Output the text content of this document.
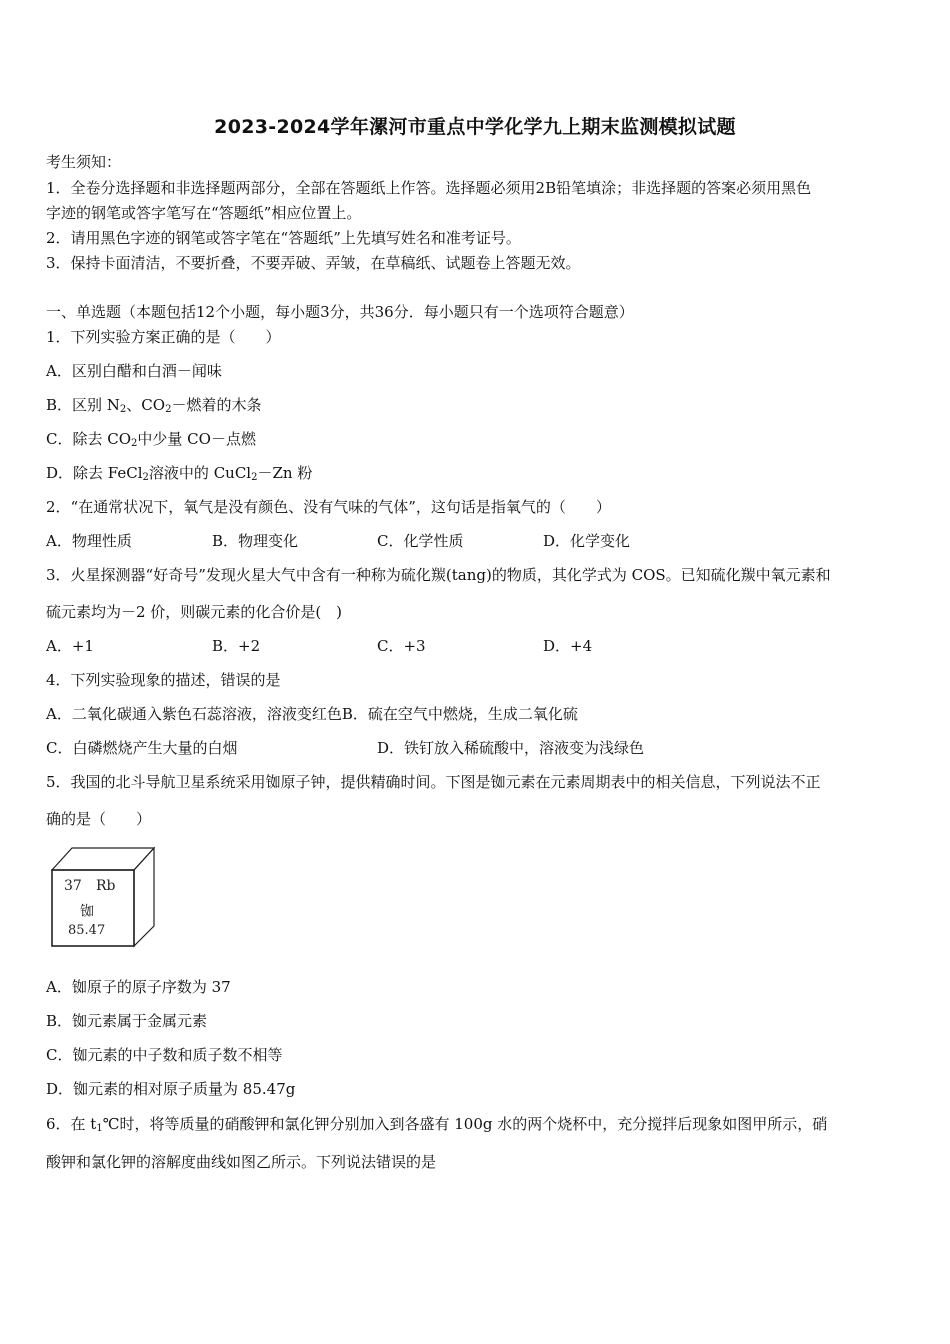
2023-2024学年漯河市重点中学化学九上期末监测模拟试题
考生须知：
1．全卷分选择题和非选择题两部分，全部在答题纸上作答。选择题必须用2B铅笔填涂；非选择题的答案必须用黑色
字迹的钢笔或答字笔写在“答题纸”相应位置上。
2．请用黑色字迹的钢笔或答字笔在“答题纸”上先填写姓名和准考证号。
3．保持卡面清洁，不要折叠，不要弄破、弄皱，在草稿纸、试题卷上答题无效。
一、单选题（本题包括12个小题，每小题3分，共36分．每小题只有一个选项符合题意）
1．下列实验方案正确的是（　　）
A．区别白醋和白酒－闻味
B．区别 $N_2$、$CO_2-$燃着的木条
C．除去 $CO_2$中少量 CO－点燃
D．除去 FeCl$_2$溶液中的 CuCl$_2$－Zn 粉
2．“在通常状况下，氧气是没有颜色、没有气味的气体”，这句话是指氧气的（　　）
A．物理性质	B．物理变化	C．化学性质	D．化学变化
3．火星探测器“好奇号”发现火星大气中含有一种称为硫化羰(tang)的物质，其化学式为 COS。已知硫化羰中氧元素和
硫元素均为－2 价，则碳元素的化合价是(　)
A．+1	B．+2	C．+3	D．+4
4．下列实验现象的描述，错误的是
A．二氧化碳通入紫色石蕊溶液，溶液变红色B．硫在空气中燃烧，生成二氧化硫
C．白磷燃烧产生大量的白烟	D．铁钉放入稀硫酸中，溶液变为浅绿色
5．我国的北斗导航卫星系统采用铷原子钟，提供精确时间。下图是铷元素在元素周期表中的相关信息，下列说法不正
确的是（　　）
37 Rb
铷
85.47
A．铷原子的原子序数为 37
B．铷元素属于金属元素
C．铷元素的中子数和质子数不相等
D．铷元素的相对原子质量为 85.47g
6．在 $t_1℃$时，将等质量的硝酸钾和氯化钾分别加入到各盛有 100g 水的两个烧杯中，充分搅拌后现象如图甲所示，硝
酸钾和氯化钾的溶解度曲线如图乙所示。下列说法错误的是
